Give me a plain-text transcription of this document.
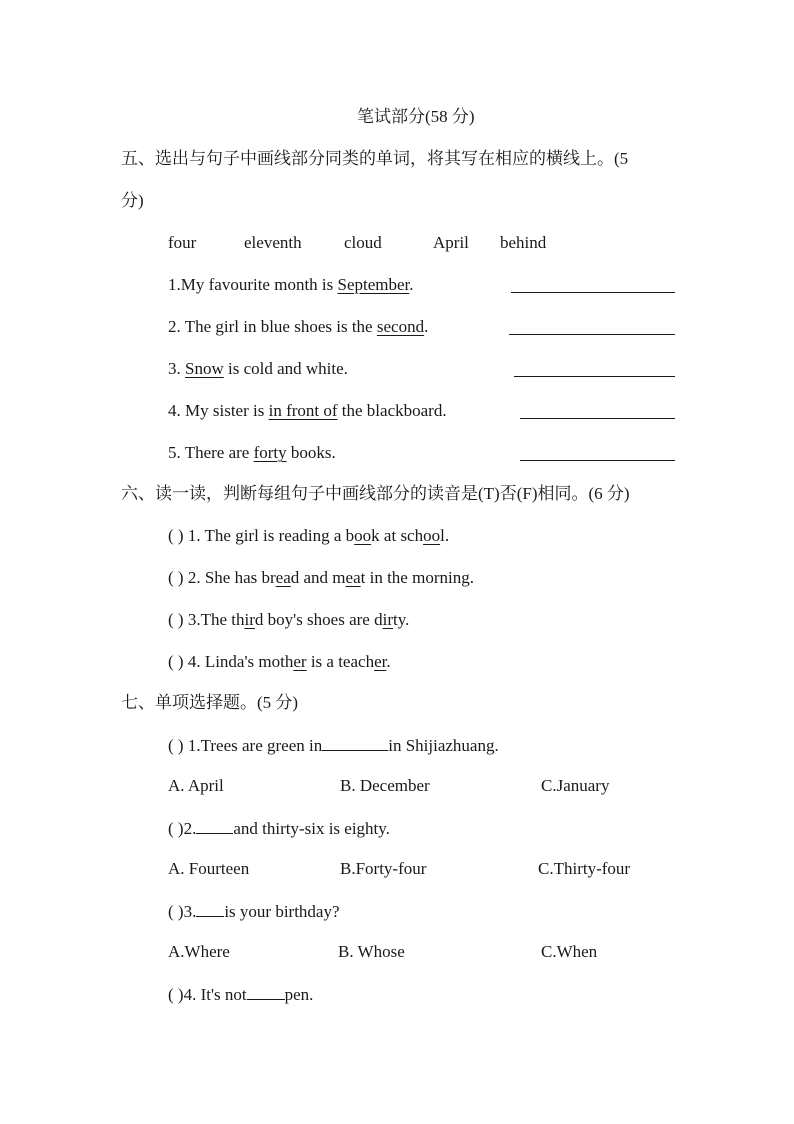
笔试部分(58 分)
五、选出与句子中画线部分同类的单词，将其写在相应的横线上。(5
分)
four	eleventh cloud	April behind
1.My favourite month is September.
2. The girl in blue shoes is the second.
3. Snow is cold and white.
4. My sister is in front of the blackboard.
5. There are forty books.
六、读一读，判断每组句子中画线部分的读音是(T)否(F)相同。(6 分)
( ) 1. The girl is reading a book at school.
( ) 2. She has bread and meat in the morning.
( ) 3.The third boy's shoes are dirty.
( ) 4. Linda's mother is a teacher.
七、单项选择题。(5 分)
( ) 1.Trees are green in	in Shijiazhuang.
A. April	B. December	C.January
( )2. and thirty-six is eighty.
A. Fourteen	B.Forty-four	C.Thirty-four
( )3. is your birthday?
A.Where	B. Whose	C.When
( )4. It's not pen.
